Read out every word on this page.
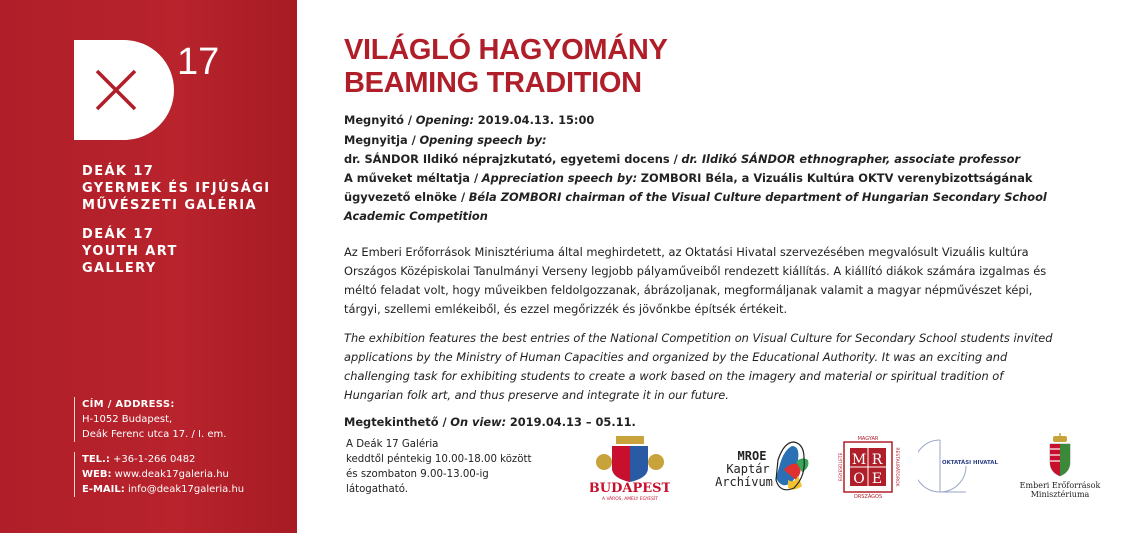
17
DEÁK 17
GYERMEK ÉS IFJÚSÁGI
MŰVÉSZETI GALÉRIA
DEÁK 17
YOUTH ART
GALLERY
CÍM / ADDRESS:
H-1052 Budapest,
Deák Ferenc utca 17. / I. em.
TEL.: +36-1-266 0482
WEB: www.deak17galeria.hu
E-MAIL: info@deak17galeria.hu
VILÁGLÓ HAGYOMÁNY
BEAMING TRADITION

Megnyitó / Opening: 2019.04.13. 15:00

Megnyitja / Opening speech by:

dr. SÁNDOR Ildikó néprajzkutató, egyetemi docens / dr. Ildikó SÁNDOR ethnographer, associate professor

A műveket méltatja / Appreciation speech by: ZOMBORI Béla, a Vizuális Kultúra OKTV verenybizottságának ügyvezető elnöke / Béla ZOMBORI chairman of the Visual Culture department of Hungarian Secondary School Academic Competition

Az Emberi Erőforrások Minisztériuma által meghirdetett, az Oktatási Hivatal szervezésében megvalósult Vizuális kultúra Országos Középiskolai Tanulmányi Verseny legjobb pályaműveiből rendezett kiállítás. A kiállító diákok számára izgalmas és méltó feladat volt, hogy műveikben feldolgozzanak, ábrázoljanak, megformáljanak valamit a magyar népművészet képi, tárgyi, szellemi emlékeiből, és ezzel megőrizzék és jövőnkbe építsék értékeit.

The exhibition features the best entries of the National Competition on Visual Culture for Secondary School students invited applications by the Ministry of Human Capacities and organized by the Educational Authority. It was an exciting and challenging task for exhibiting students to create a work based on the imagery and material or spiritual tradition of Hungarian folk art, and thus preserve and integrate it in our future.

Megtekinthető / On view: 2019.04.13 – 05.11.

A Deák 17 Galéria
keddtől péntekig 10.00-18.00 között
és szombaton 9.00-13.00-ig
látogatható.	BUDAPEST
A VÁROS, AMELY EGYESÍT
MROE
Kaptár
Archívum
M R
O E
MAGYAR
ORSZÁGOS
EGYESÜLETE	RESTAURÁTOROK	OKTATÁSI HIVATAL
Emberi Erőforrások
Minisztériuma
